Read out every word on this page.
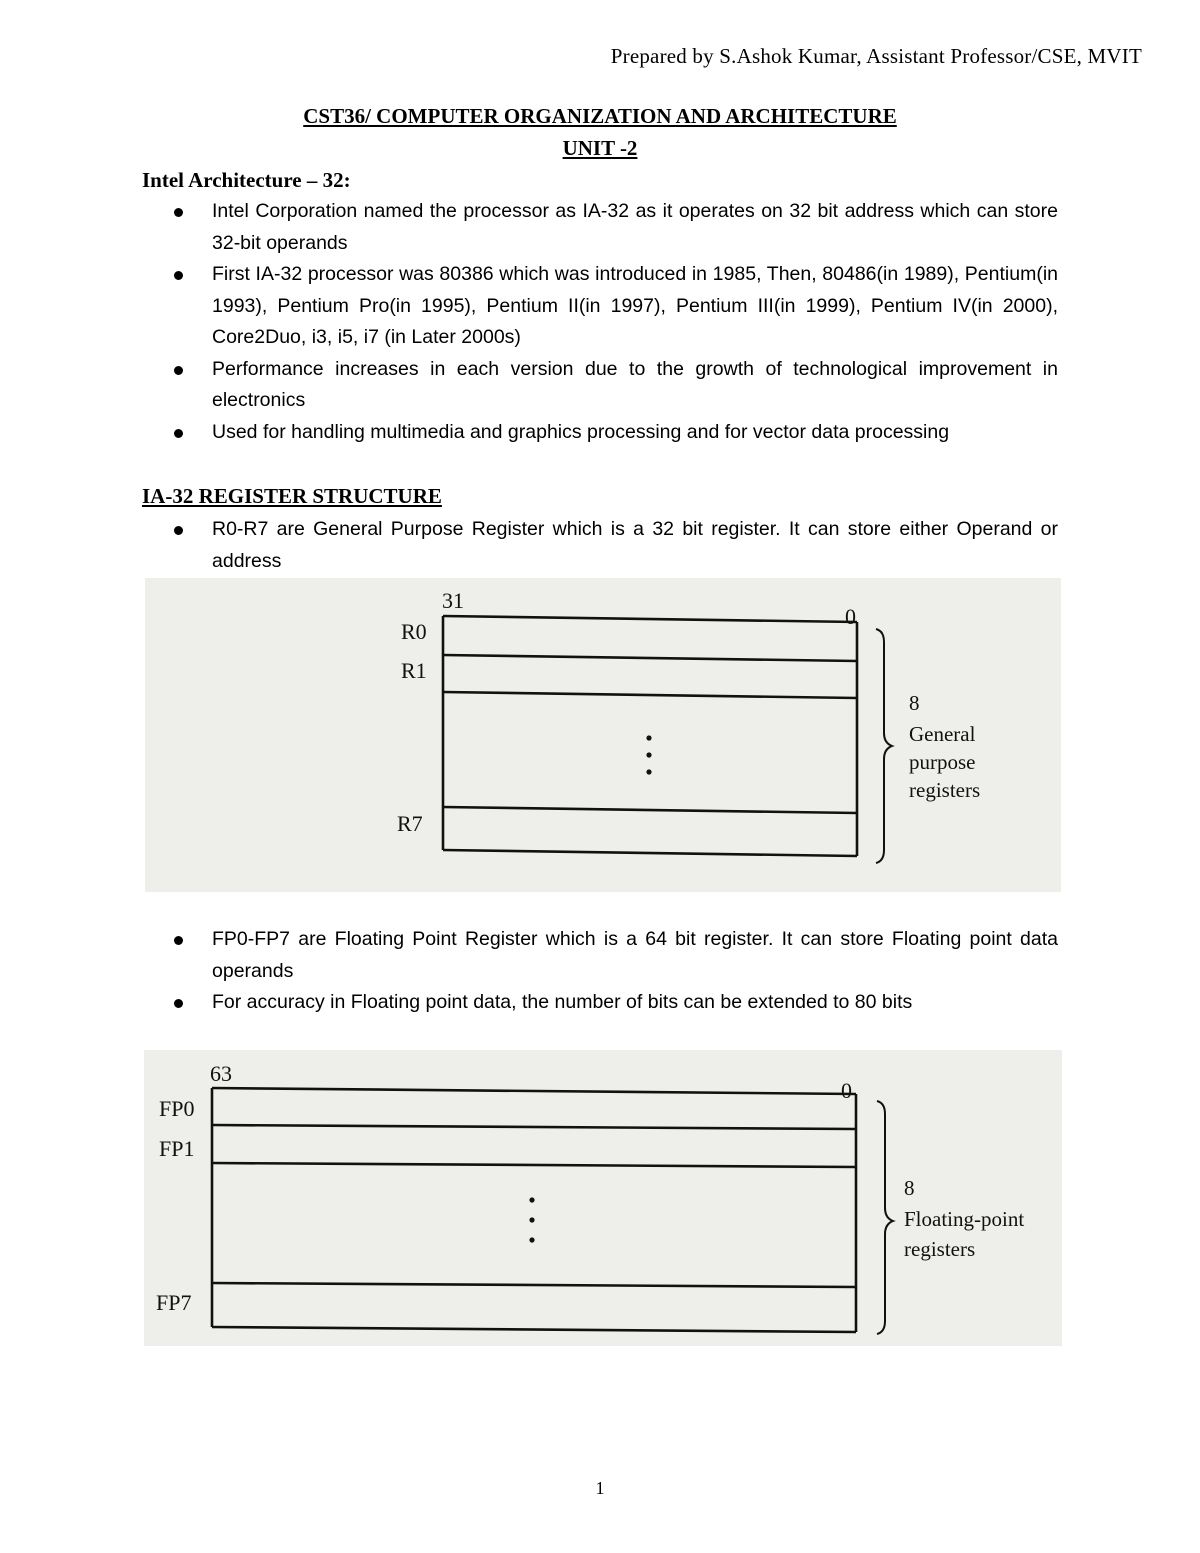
Prepared by S.Ashok Kumar, Assistant Professor/CSE, MVIT
CST36/ COMPUTER ORGANIZATION AND ARCHITECTURE
UNIT -2
Intel Architecture – 32:
Intel Corporation named the processor as IA-32 as it operates on 32 bit address which can store 32-bit operands
First IA-32 processor was 80386 which was introduced in 1985, Then, 80486(in 1989), Pentium(in 1993), Pentium Pro(in 1995), Pentium II(in 1997), Pentium III(in 1999), Pentium IV(in 2000), Core2Duo, i3, i5, i7 (in Later 2000s)
Performance increases in each version due to the growth of technological improvement in electronics
Used for handling multimedia and graphics processing and for vector data processing
IA-32 REGISTER STRUCTURE
R0-R7 are General Purpose Register which is a 32 bit register. It can store either Operand or address
31
0
R0
R1
R7
8
General
purpose
registers
FP0-FP7 are Floating Point Register which is a 64 bit register. It can store Floating point data operands
For accuracy in Floating point data, the number of bits can be extended to 80 bits
63
0
FP0
FP1
FP7
8
Floating-point
registers
1
